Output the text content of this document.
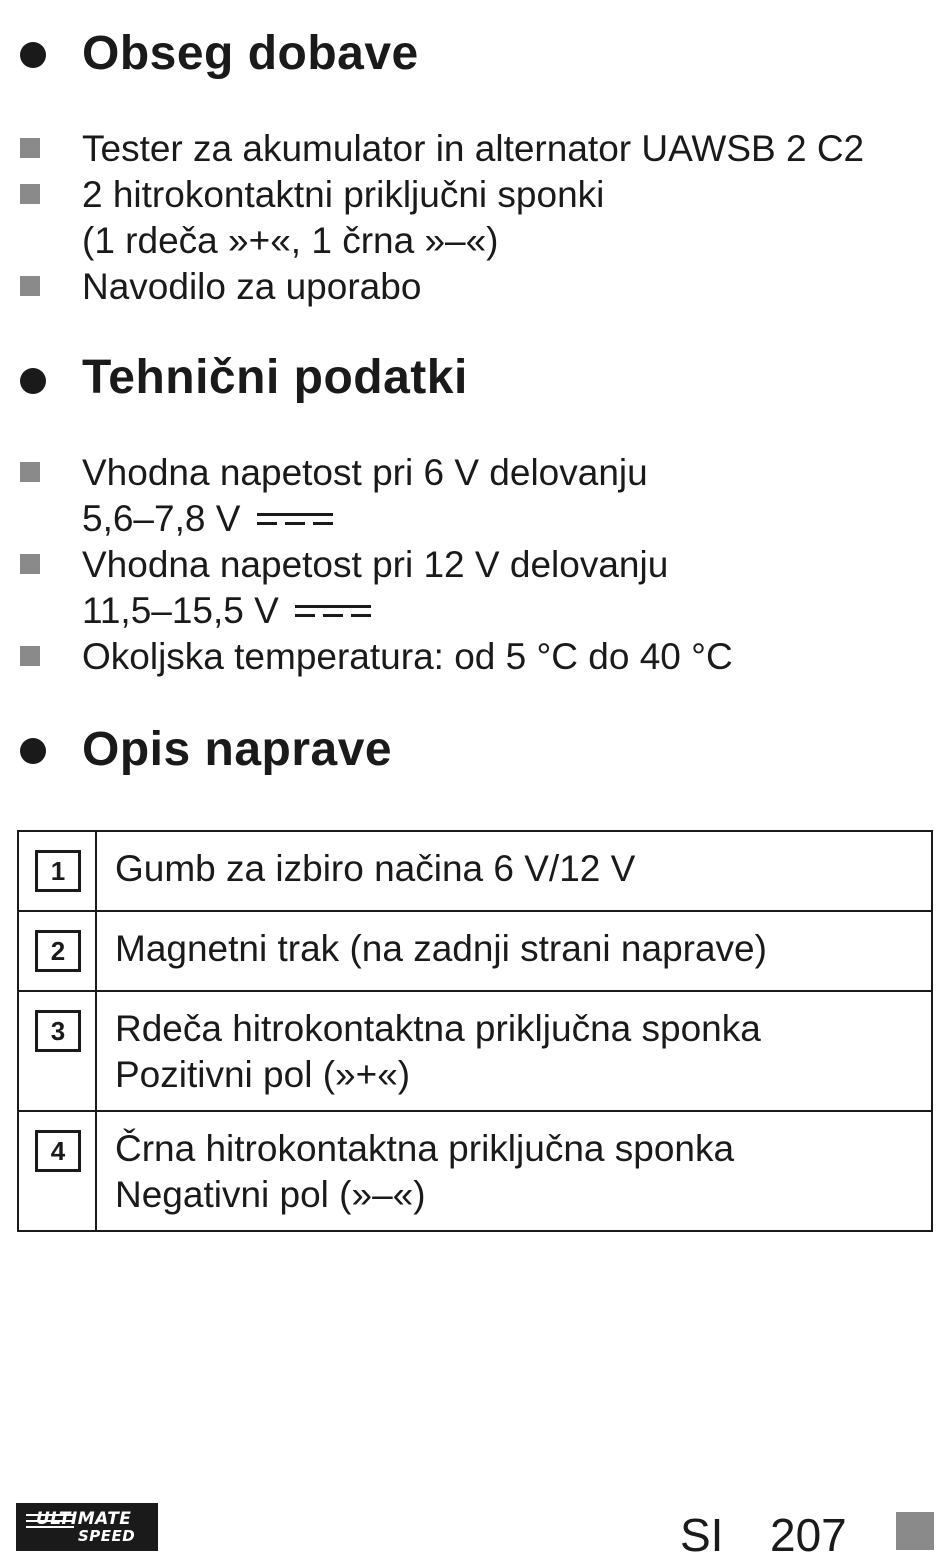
Obseg dobave
Tester za akumulator in alternator UAWSB 2 C2
2 hitrokontaktni priključni sponki
(1 rdeča »+«, 1 črna »–«)
Navodilo za uporabo
Tehnični podatki
Vhodna napetost pri 6 V delovanju
5,6–7,8 V
Vhodna napetost pri 12 V delovanju
11,5–15,5 V
Okoljska temperatura: od 5 °C do 40 °C
Opis naprave
1	Gumb za izbiro načina 6 V/12 V

2	Magnetni trak (na zadnji strani naprave)

3	Rdeča hitrokontaktna priključna sponka
Pozitivni pol (»+«)

4	Črna hitrokontaktna priključna sponka
Negativni pol (»–«)
ULTIMATE
SPEED	SI 207
